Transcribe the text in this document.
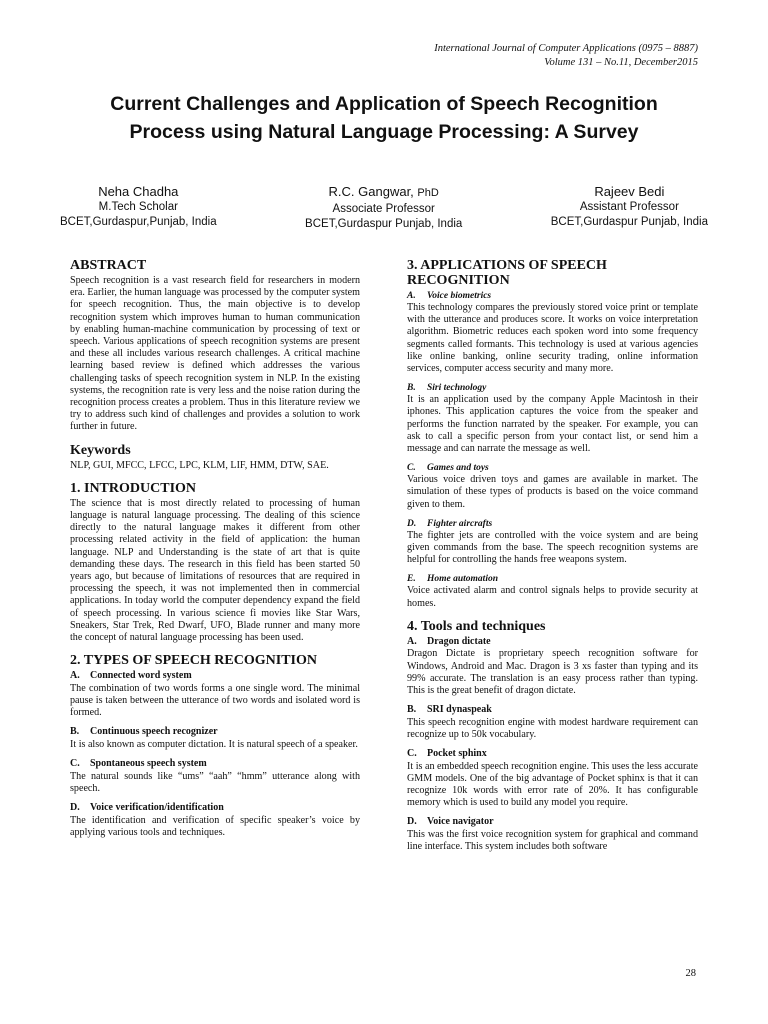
International Journal of Computer Applications (0975 – 8887)
Volume 131 – No.11, December2015
Current Challenges and Application of Speech Recognition Process using Natural Language Processing: A Survey
Neha Chadha
M.Tech Scholar
BCET,Gurdaspur,Punjab, India
R.C. Gangwar, PhD
Associate Professor
BCET,Gurdaspur Punjab, India
Rajeev Bedi
Assistant Professor
BCET,Gurdaspur Punjab, India
ABSTRACT

Speech recognition is a vast research field for researchers in modern era. Earlier, the human language was processed by the computer system for speech recognition. Thus, the main objective is to develop recognition system which improves human to human communication by enabling human-machine communication by processing of text or speech. Various applications of speech recognition systems are present and these all includes various research challenges. A critical machine learning based review is defined which addresses the various challenging tasks of speech recognition system in NLP. In the existing systems, the recognition rate is very less and the noise ration during the recognition process creates a problem. Thus in this literature review we try to address such kind of challenges and provides a solution to work further in future.

Keywords

NLP, GUI, MFCC, LFCC, LPC, KLM, LIF, HMM, DTW, SAE.

1. INTRODUCTION

The science that is most directly related to processing of human language is natural language processing. The dealing of this science directly to the natural language makes it different from other processing related activity in the field of application: the human language. NLP and Understanding is the state of art that is quite demanding these days. The research in this field has been started 50 years ago, but because of limitations of resources that are required in processing the speech, it was not implemented then in commercial applications. In today world the computer dependency expand the field of speech processing. In various science fi movies like Star Wars, Sneakers, Star Trek, Red Dwarf, UFO, Blade runner and many more the concept of natural language processing has been used.

2. TYPES OF SPEECH RECOGNITION
A. Connected word system

The combination of two words forms a one single word. The minimal pause is taken between the utterance of two words and isolated word is formed.

B. Continuous speech recognizer

It is also known as computer dictation. It is natural speech of a speaker.

C. Spontaneous speech system

The natural sounds like “ums” “aah” “hmm” utterance along with speech.

D. Voice verification/identification

The identification and verification of specific speaker’s voice by applying various tools and techniques.

3. APPLICATIONS OF SPEECH RECOGNITION
A. Voice biometrics

This technology compares the previously stored voice print or template with the utterance and produces score. It works on voice interpretation algorithm. Biometric reduces each spoken word into some frequency segments called formants. This technology is used at various agencies like online banking, online security trading, online information services, computer access security and many more.

B. Siri technology

It is an application used by the company Apple Macintosh in their iphones. This application captures the voice from the speaker and performs the function narrated by the speaker. For example, you can ask to call a specific person from your contact list, or send him a message and can narrate the message as well.

C. Games and toys

Various voice driven toys and games are available in market. The simulation of these types of products is based on the voice command given to them.

D. Fighter aircrafts

The fighter jets are controlled with the voice system and are being given commands from the base. The speech recognition systems are helpful for controlling the hands free weapons system.

E. Home automation

Voice activated alarm and control signals helps to provide security at homes.

4. Tools and techniques
A. Dragon dictate

Dragon Dictate is proprietary speech recognition software for Windows, Android and Mac. Dragon is 3 xs faster than typing and its 99% accurate. The translation is an easy process rather than typing. This is the great benefit of dragon dictate.

B. SRI dynaspeak

This speech recognition engine with modest hardware requirement can recognize up to 50k vocabulary.

C. Pocket sphinx

It is an embedded speech recognition engine. This uses the less accurate GMM models. One of the big advantage of Pocket sphinx is that it can recognize 10k words with error rate of 20%. It has configurable memory which is used to build any model you require.

D. Voice navigator

This was the first voice recognition system for graphical and command line interface. This system includes both software

28
